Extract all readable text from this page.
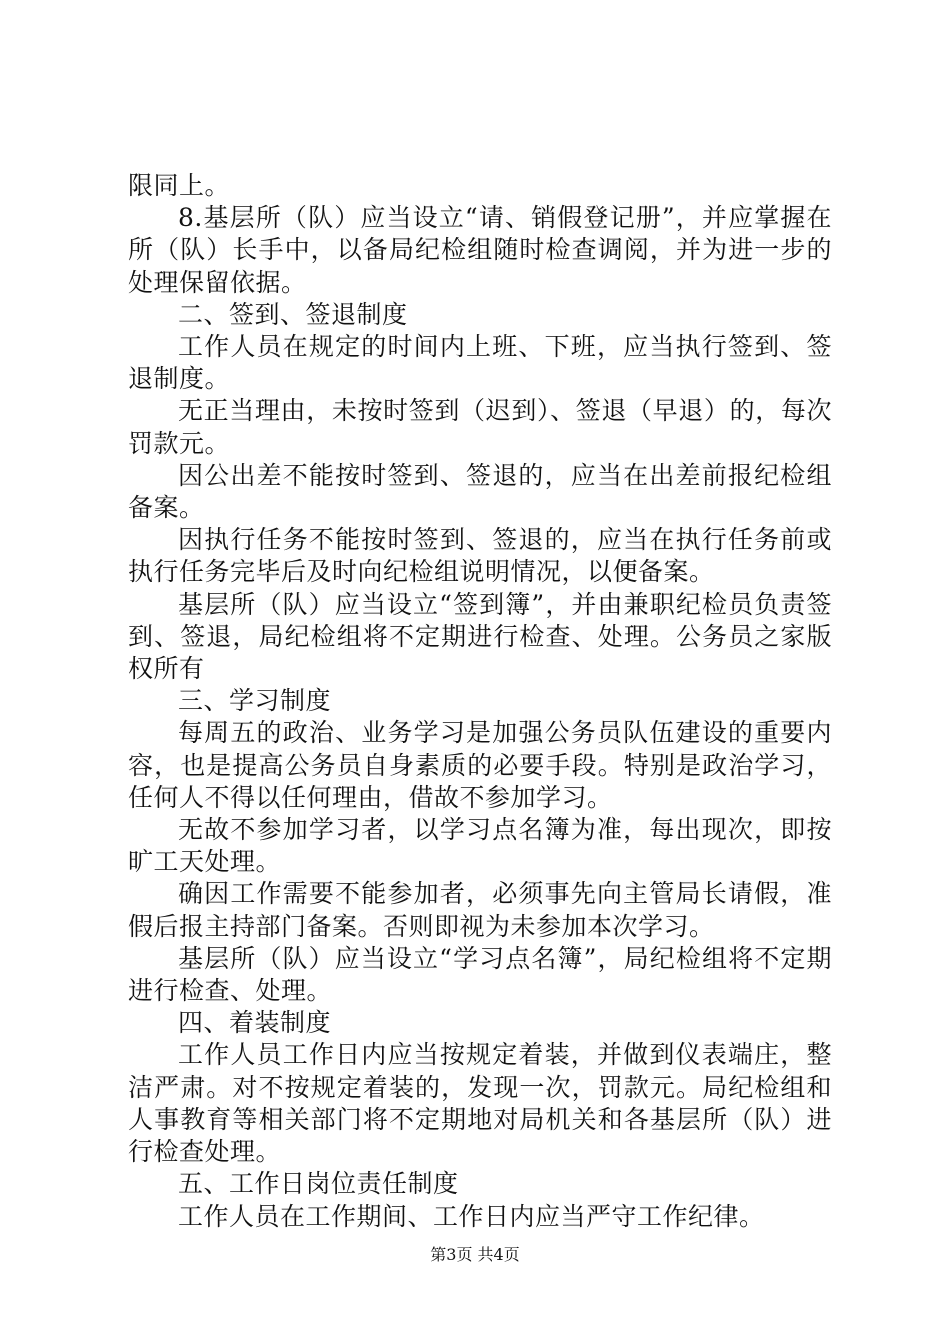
限同上。

8.基层所（队）应当设立“请、销假登记册”，并应掌握在所（队）长手中，以备局纪检组随时检查调阅，并为进一步的处理保留依据。

二、签到、签退制度

工作人员在规定的时间内上班、下班，应当执行签到、签退制度。

无正当理由，未按时签到（迟到）、签退（早退）的，每次罚款元。

因公出差不能按时签到、签退的，应当在出差前报纪检组备案。

因执行任务不能按时签到、签退的，应当在执行任务前或执行任务完毕后及时向纪检组说明情况，以便备案。

基层所（队）应当设立“签到簿”，并由兼职纪检员负责签到、签退，局纪检组将不定期进行检查、处理。公务员之家版权所有

三、学习制度

每周五的政治、业务学习是加强公务员队伍建设的重要内容，也是提高公务员自身素质的必要手段。特别是政治学习，任何人不得以任何理由，借故不参加学习。

无故不参加学习者，以学习点名簿为准，每出现次，即按旷工天处理。

确因工作需要不能参加者，必须事先向主管局长请假，准假后报主持部门备案。否则即视为未参加本次学习。

基层所（队）应当设立“学习点名簿”，局纪检组将不定期进行检查、处理。

四、着装制度

工作人员工作日内应当按规定着装，并做到仪表端庄，整洁严肃。对不按规定着装的，发现一次，罚款元。局纪检组和人事教育等相关部门将不定期地对局机关和各基层所（队）进行检查处理。

五、工作日岗位责任制度

工作人员在工作期间、工作日内应当严守工作纪律。

第3页 共4页
